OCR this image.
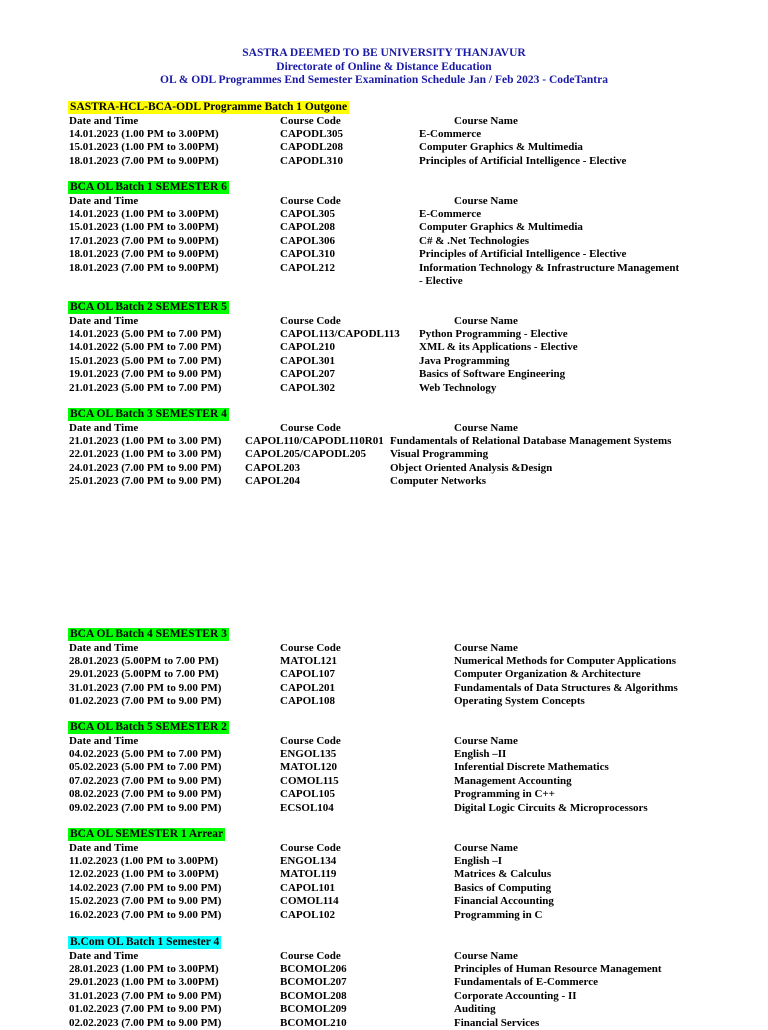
SASTRA DEEMED TO BE UNIVERSITY THANJAVUR
Directorate of Online & Distance Education
OL & ODL Programmes End Semester Examination Schedule Jan / Feb 2023 - CodeTantra
SASTRA-HCL-BCA-ODL Programme Batch 1 Outgone
Date and Time	Course Code	Course Name
14.01.2023 (1.00 PM to 3.00PM)	CAPODL305	E-Commerce
15.01.2023 (1.00 PM to 3.00PM)	CAPODL208	Computer Graphics & Multimedia
18.01.2023 (7.00 PM to 9.00PM)	CAPODL310	Principles of Artificial Intelligence - Elective
BCA OL Batch 1 SEMESTER 6
Date and Time	Course Code	Course Name
14.01.2023 (1.00 PM to 3.00PM)	CAPOL305	E-Commerce
15.01.2023 (1.00 PM to 3.00PM)	CAPOL208	Computer Graphics & Multimedia
17.01.2023 (7.00 PM to 9.00PM)	CAPOL306	C# & .Net Technologies
18.01.2023 (7.00 PM to 9.00PM)	CAPOL310	Principles of Artificial Intelligence - Elective
18.01.2023 (7.00 PM to 9.00PM)	CAPOL212	Information Technology & Infrastructure Management
- Elective
BCA OL Batch 2 SEMESTER 5
Date and Time	Course Code	Course Name
14.01.2023 (5.00 PM to 7.00 PM)	CAPOL113/CAPODL113 Python Programming - Elective
14.01.2022 (5.00 PM to 7.00 PM)	CAPOL210	XML & its Applications - Elective
15.01.2023 (5.00 PM to 7.00 PM)	CAPOL301	Java Programming
19.01.2023 (7.00 PM to 9.00 PM)	CAPOL207	Basics of Software Engineering
21.01.2023 (5.00 PM to 7.00 PM)	CAPOL302	Web Technology
BCA OL Batch 3 SEMESTER 4
Date and Time	Course Code	Course Name
21.01.2023 (1.00 PM to 3.00 PM) CAPOL110/CAPODL110R01 Fundamentals of Relational Database Management Systems
22.01.2023 (1.00 PM to 3.00 PM) CAPOL205/CAPODL205 Visual Programming
24.01.2023 (7.00 PM to 9.00 PM) CAPOL203	Object Oriented Analysis &Design
25.01.2023 (7.00 PM to 9.00 PM) CAPOL204	Computer Networks
BCA OL Batch 4 SEMESTER 3
Date and Time	Course Code	Course Name
28.01.2023 (5.00PM to 7.00 PM)	MATOL121	Numerical Methods for Computer Applications
29.01.2023 (5.00PM to 7.00 PM)	CAPOL107	Computer Organization & Architecture
31.01.2023 (7.00 PM to 9.00 PM)	CAPOL201	Fundamentals of Data Structures & Algorithms
01.02.2023 (7.00 PM to 9.00 PM)	CAPOL108	Operating System Concepts
BCA OL Batch 5 SEMESTER 2
Date and Time	Course Code	Course Name
04.02.2023 (5.00 PM to 7.00 PM)	ENGOL135	English –II
05.02.2023 (5.00 PM to 7.00 PM)	MATOL120	Inferential Discrete Mathematics
07.02.2023 (7.00 PM to 9.00 PM)	COMOL115	Management Accounting
08.02.2023 (7.00 PM to 9.00 PM)	CAPOL105	Programming in C++
09.02.2023 (7.00 PM to 9.00 PM)	ECSOL104	Digital Logic Circuits & Microprocessors
BCA OL SEMESTER 1 Arrear
Date and Time	Course Code	Course Name
11.02.2023 (1.00 PM to 3.00PM)	ENGOL134	English –I
12.02.2023 (1.00 PM to 3.00PM)	MATOL119	Matrices & Calculus
14.02.2023 (7.00 PM to 9.00 PM)	CAPOL101	Basics of Computing
15.02.2023 (7.00 PM to 9.00 PM)	COMOL114	Financial Accounting
16.02.2023 (7.00 PM to 9.00 PM)	CAPOL102	Programming in C
B.Com OL Batch 1 Semester 4
Date and Time	Course Code	Course Name
28.01.2023 (1.00 PM to 3.00PM)	BCOMOL206	Principles of Human Resource Management
29.01.2023 (1.00 PM to 3.00PM)	BCOMOL207	Fundamentals of E-Commerce
31.01.2023 (7.00 PM to 9.00 PM)	BCOMOL208	Corporate Accounting - II
01.02.2023 (7.00 PM to 9.00 PM)	BCOMOL209	Auditing
02.02.2023 (7.00 PM to 9.00 PM)	BCOMOL210	Financial Services
